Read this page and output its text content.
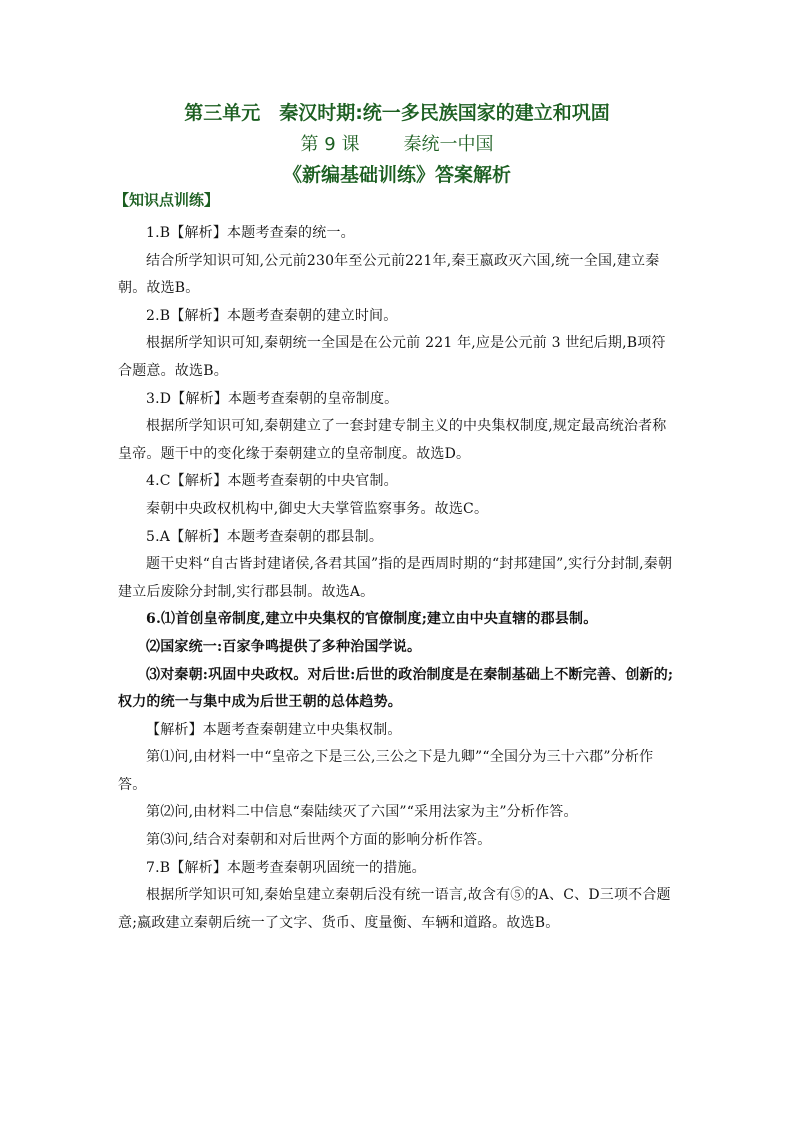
第三单元　秦汉时期:统一多民族国家的建立和巩固
第 9 课 秦统一中国
《新编基础训练》答案解析
【知识点训练】

1.B【解析】本题考查秦的统一。

结合所学知识可知,公元前230年至公元前221年,秦王嬴政灭六国,统一全国,建立秦朝。故选B。

2.B【解析】本题考查秦朝的建立时间。

根据所学知识可知,秦朝统一全国是在公元前 221 年,应是公元前 3 世纪后期,B项符合题意。故选B。

3.D【解析】本题考查秦朝的皇帝制度。

根据所学知识可知,秦朝建立了一套封建专制主义的中央集权制度,规定最高统治者称皇帝。题干中的变化缘于秦朝建立的皇帝制度。故选D。

4.C【解析】本题考查秦朝的中央官制。

秦朝中央政权机构中,御史大夫掌管监察事务。故选C。

5.A【解析】本题考查秦朝的郡县制。

题干史料“自古皆封建诸侯,各君其国”指的是西周时期的“封邦建国”,实行分封制,秦朝建立后废除分封制,实行郡县制。故选A。

6.⑴首创皇帝制度,建立中央集权的官僚制度;建立由中央直辖的郡县制。

⑵国家统一:百家争鸣提供了多种治国学说。

⑶对秦朝:巩固中央政权。对后世:后世的政治制度是在秦制基础上不断完善、创新的;权力的统一与集中成为后世王朝的总体趋势。

【解析】本题考查秦朝建立中央集权制。

第⑴问,由材料一中“皇帝之下是三公,三公之下是九卿”“全国分为三十六郡”分析作答。

第⑵问,由材料二中信息“秦陆续灭了六国”“采用法家为主”分析作答。

第⑶问,结合对秦朝和对后世两个方面的影响分析作答。

7.B【解析】本题考查秦朝巩固统一的措施。

根据所学知识可知,秦始皇建立秦朝后没有统一语言,故含有⑤的A、C、D三项不合题意;嬴政建立秦朝后统一了文字、货币、度量衡、车辆和道路。故选B。
